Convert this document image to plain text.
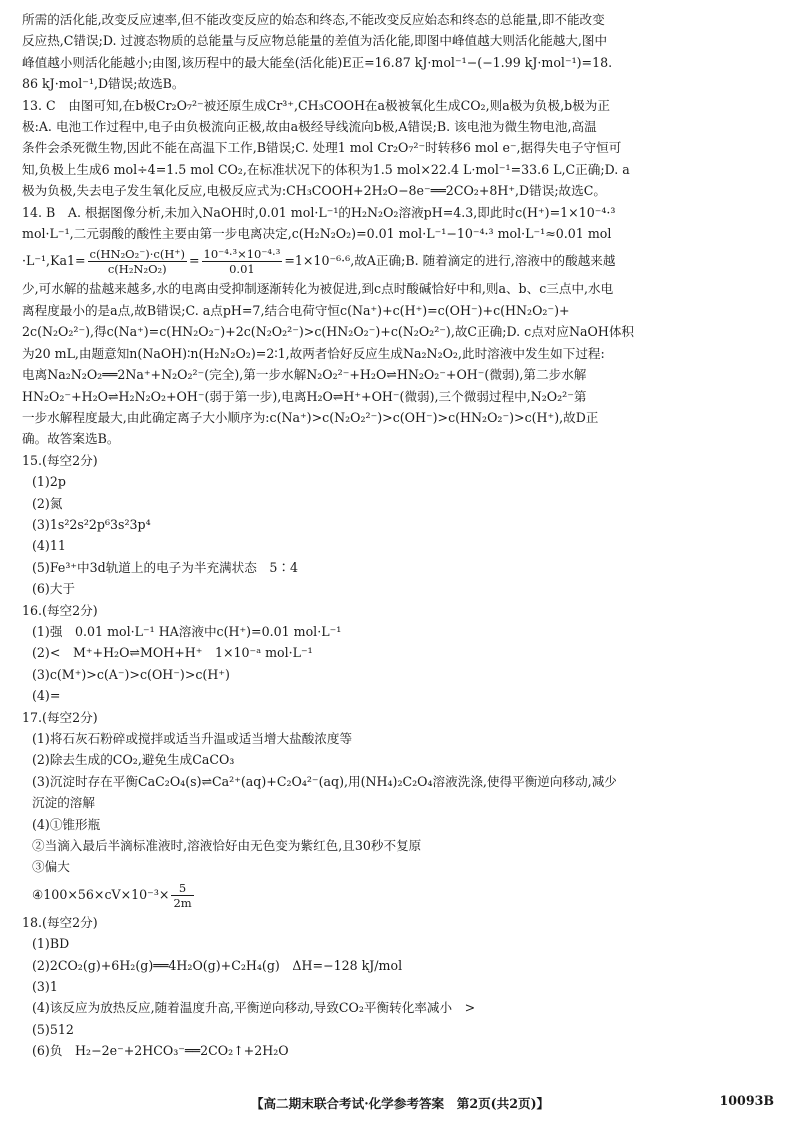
所需的活化能,改变反应速率,但不能改变反应的始态和终态,不能改变反应始态和终态的总能量,即不能改变

反应热,C错误;D. 过渡态物质的总能量与反应物总能量的差值为活化能,即图中峰值越大则活化能越大,图中

峰值越小则活化能越小;由图,该历程中的最大能垒(活化能)E正=16.87 kJ·mol⁻¹−(−1.99 kJ·mol⁻¹)=18.

86 kJ·mol⁻¹,D错误;故选B。

13. C　由图可知,在b极Cr₂O₇²⁻被还原生成Cr³⁺,CH₃COOH在a极被氧化生成CO₂,则a极为负极,b极为正

极:A. 电池工作过程中,电子由负极流向正极,故由a极经导线流向b极,A错误;B. 该电池为微生物电池,高温

条件会杀死微生物,因此不能在高温下工作,B错误;C. 处理1 mol Cr₂O₇²⁻时转移6 mol e⁻,据得失电子守恒可

知,负极上生成6 mol÷4=1.5 mol CO₂,在标准状况下的体积为1.5 mol×22.4 L·mol⁻¹=33.6 L,C正确;D. a

极为负极,失去电子发生氧化反应,电极反应式为:CH₃COOH+2H₂O−8e⁻══2CO₂+8H⁺,D错误;故选C。

14. B　A. 根据图像分析,未加入NaOH时,0.01 mol·L⁻¹的H₂N₂O₂溶液pH=4.3,即此时c(H⁺)=1×10⁻⁴·³

mol·L⁻¹,二元弱酸的酸性主要由第一步电离决定,c(H₂N₂O₂)=0.01 mol·L⁻¹−10⁻⁴·³ mol·L⁻¹≈0.01 mol

$\cdot L^{-1},Ka1= \frac{\text{c(HN₂O₂⁻)·c(H⁺)}}{\text{c(H₂N₂O₂)}} = \frac{\text{10⁻⁴·³×10⁻⁴·³}}{0.01} =1\times 10^{-6}\cdot^6$,故A正确;B. 随着滴定的进行,溶液中的酸越来越

少,可水解的盐越来越多,水的电离由受抑制逐渐转化为被促进,到c点时酸碱恰好中和,则a、b、c三点中,水电

离程度最小的是a点,故B错误;C. a点pH=7,结合电荷守恒c(Na⁺)+c(H⁺)=c(OH⁻)+c(HN₂O₂⁻)+

2c(N₂O₂²⁻),得c(Na⁺)=c(HN₂O₂⁻)+2c(N₂O₂²⁻)>c(HN₂O₂⁻)+c(N₂O₂²⁻),故C正确;D. c点对应NaOH体积

为20 mL,由题意知n(NaOH)∶n(H₂N₂O₂)=2∶1,故两者恰好反应生成Na₂N₂O₂,此时溶液中发生如下过程:

电离Na₂N₂O₂══2Na⁺+N₂O₂²⁻(完全),第一步水解N₂O₂²⁻+H₂O⇌HN₂O₂⁻+OH⁻(微弱),第二步水解

HN₂O₂⁻+H₂O⇌H₂N₂O₂+OH⁻(弱于第一步),电离H₂O⇌H⁺+OH⁻(微弱),三个微弱过程中,N₂O₂²⁻第

一步水解程度最大,由此确定离子大小顺序为:c(Na⁺)>c(N₂O₂²⁻)>c(OH⁻)>c(HN₂O₂⁻)>c(H⁺),故D正

确。故答案选B。

15.(每空2分)

(1)2p

(2)氮

(3)1s²2s²2p⁶3s²3p⁴

(4)11

(5)Fe³⁺中3d轨道上的电子为半充满状态　5∶4

(6)大于

16.(每空2分)

(1)强　0.01 mol·L⁻¹ HA溶液中c(H⁺)=0.01 mol·L⁻¹

(2)<　M⁺+H₂O⇌MOH+H⁺　1×10⁻ᵃ mol·L⁻¹

(3)c(M⁺)>c(A⁻)>c(OH⁻)>c(H⁺)

(4)=

17.(每空2分)

(1)将石灰石粉碎或搅拌或适当升温或适当增大盐酸浓度等

(2)除去生成的CO₂,避免生成CaCO₃

(3)沉淀时存在平衡CaC₂O₄(s)⇌Ca²⁺(aq)+C₂O₄²⁻(aq),用(NH₄)₂C₂O₄溶液洗涤,使得平衡逆向移动,减少

沉淀的溶解

(4)①锥形瓶

②当滴入最后半滴标准液时,溶液恰好由无色变为紫红色,且30秒不复原

③偏大

④100×56×cV×10⁻³× $\frac{5}{2m}$

18.(每空2分)

(1)BD

(2)2CO₂(g)+6H₂(g)══4H₂O(g)+C₂H₄(g)　ΔH=−128 kJ/mol

(3)1

(4)该反应为放热反应,随着温度升高,平衡逆向移动,导致CO₂平衡转化率减小　>

(5)512

(6)负　H₂−2e⁻+2HCO₃⁻══2CO₂↑+2H₂O

【高二期末联合考试·化学参考答案　第2页(共2页)】	10093B
